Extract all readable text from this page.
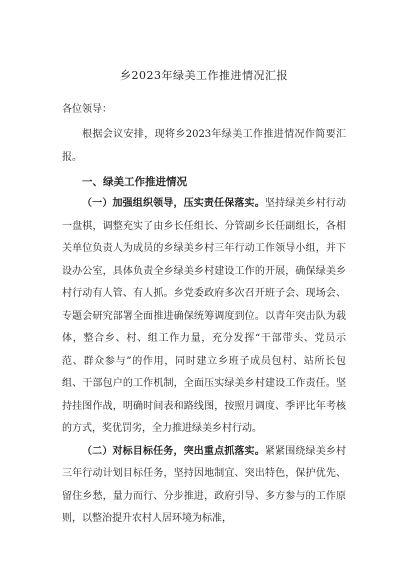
乡2023年绿美工作推进情况汇报

各位领导：

根据会议安排，现将乡2023年绿美工作推进情况作简要汇报。

一、绿美工作推进情况

（一）加强组织领导，压实责任保落实。坚持绿美乡村行动一盘棋，调整充实了由乡长任组长、分管副乡长任副组长，各相关单位负责人为成员的乡绿美乡村三年行动工作领导小组，并下设办公室，具体负责全乡绿美乡村建设工作的开展，确保绿美乡村行动有人管、有人抓。乡党委政府多次召开班子会、现场会、专题会研究部署全面推进确保统筹调度到位。以青年突击队为载体，整合乡、村、组工作力量，充分发挥“干部带头、党员示范、群众参与”的作用，同时建立乡班子成员包村、站所长包组、干部包户的工作机制，全面压实绿美乡村建设工作责任。坚持挂图作战，明确时间表和路线图，按照月调度、季评比年考核的方式，奖优罚劣，全力推进绿美乡村行动。

（二）对标目标任务，突出重点抓落实。紧紧围绕绿美乡村三年行动计划目标任务，坚持因地制宜、突出特色，保护优先、留住乡愁，量力而行、分步推进，政府引导、多方参与的工作原则，以整治提升农村人居环境为标准，
